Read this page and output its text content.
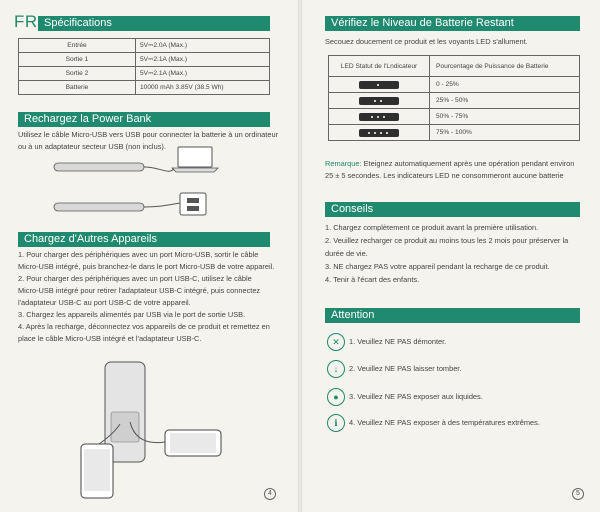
FR Spécifications
Entrée	5V⎓2.0A (Max.)
Sortie 1	5V⎓2.1A (Max.)
Sortie 2	5V⎓2.1A (Max.)
Batterie	10000 mAh 3.85V (38.5 Wh)
Rechargez la Power Bank
Utilisez le câble Micro-USB vers USB pour connecter la batterie à un ordinateur
ou à un adaptateur secteur USB (non inclus).
Chargez d'Autres Appareils
1. Pour charger des périphériques avec un port Micro-USB, sortir le câble
Micro-USB intégré, puis branchez-le dans le port Micro-USB de votre appareil.
2. Pour charger des périphériques avec un port USB-C, utilisez le câble
Micro-USB intégré pour retirer l'adaptateur USB-C intégré, puis connectez
l'adaptateur USB-C au port USB-C de votre appareil.
3. Chargez les appareils alimentés par USB via le port de sortie USB.
4. Après la recharge, déconnectez vos appareils de ce produit et remettez en
place le câble Micro-USB intégré et l'adaptateur USB-C.
4
Vérifiez le Niveau de Batterie Restant
Secouez doucement ce produit et les voyants LED s'allument.
LED Statut de l'Lndicateur	Pourcentage de Puissance de Batterie

	0 - 25%

	25% - 50%

	50% - 75%

	75% - 100%
Remarque: Eteignez automatiquement après une opération pendant environ
25 ± 5 secondes. Les indicateurs LED ne consommeront aucune batterie
Conseils
1. Chargez complètement ce produit avant la première utilisation.
2. Veuillez recharger ce produit au moins tous les 2 mois pour préserver la
durée de vie.
3. NE chargez PAS votre appareil pendant la recharge de ce produit.
4. Tenir à l'écart des enfants.
Attention
✕	1. Veuillez NE PAS démonter.
↓	2. Veuillez NE PAS laisser tomber.
●	3. Veuillez NE PAS exposer aux liquides.
ℹ	4. Veuillez NE PAS exposer à des températures extrêmes.
5
